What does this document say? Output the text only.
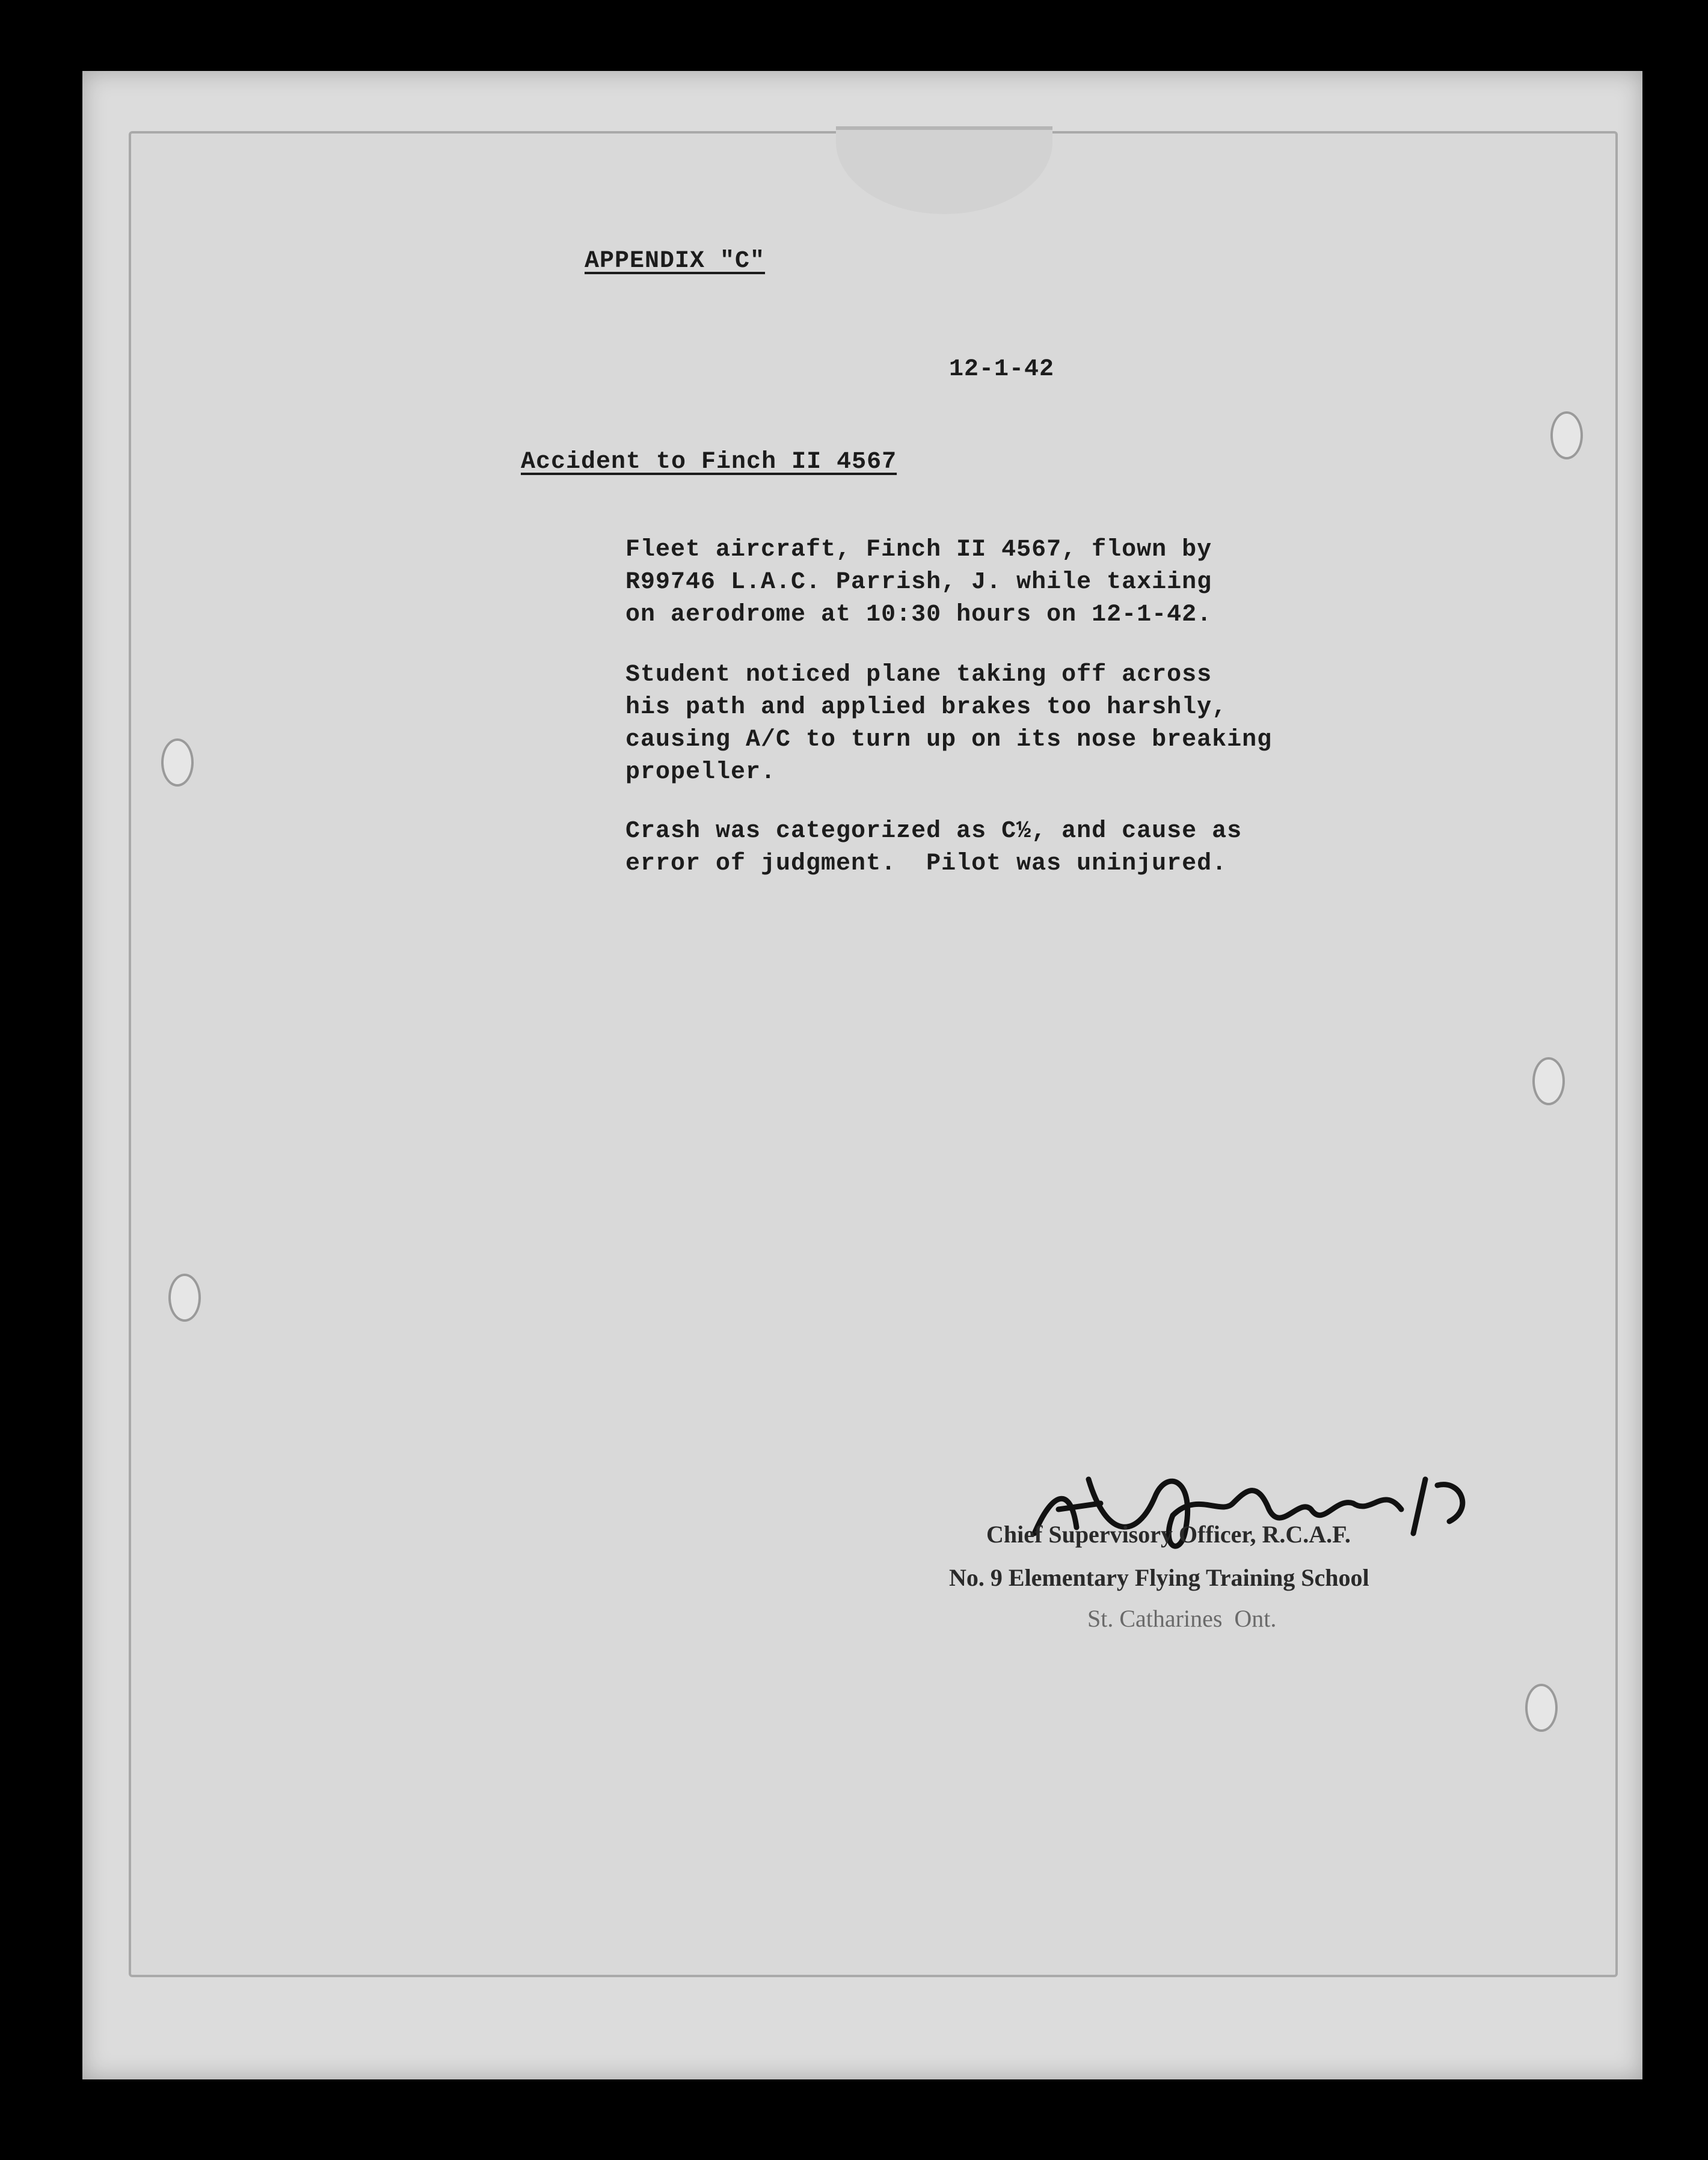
APPENDIX "C"
12-1-42
Accident to Finch II 4567
Fleet aircraft, Finch II 4567, flown by
R99746 L.A.C. Parrish, J. while taxiing
on aerodrome at 10:30 hours on 12-1-42.
Student noticed plane taking off across
his path and applied brakes too harshly,
causing A/C to turn up on its nose breaking
propeller.
Crash was categorized as C½, and cause as
error of judgment.  Pilot was uninjured.
Chief Supervisory Officer, R.C.A.F.
No. 9 Elementary Flying Training School
St. Catharines  Ont.
